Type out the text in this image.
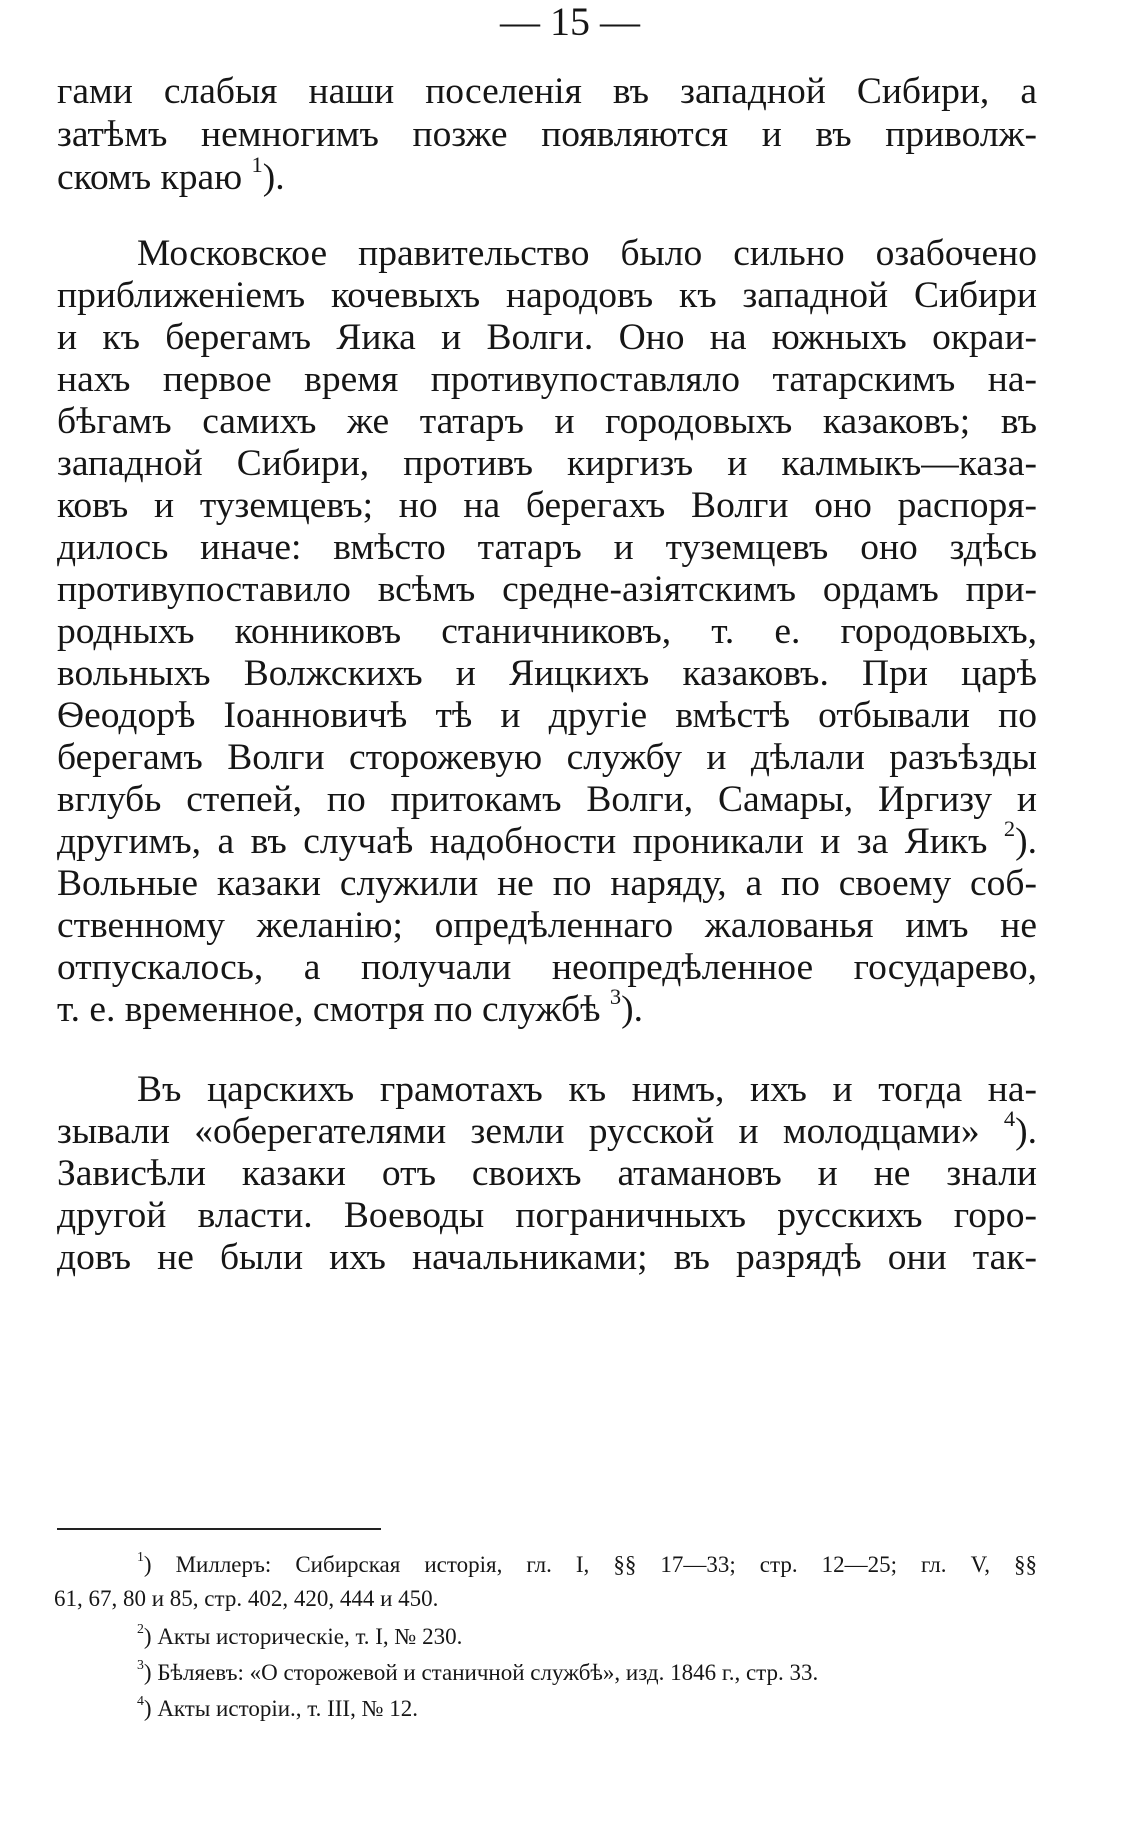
— 15 —
гами слабыя наши поселенія въ западной Сибири, а
затѣмъ немногимъ позже появляются и въ приволж-
скомъ краю $^1$).
Московское правительство было сильно озабочено
приближеніемъ кочевыхъ народовъ къ западной Сибири
и къ берегамъ Яика и Волги. Оно на южныхъ окраи-
нахъ первое время противупоставляло татарскимъ на-
бѣгамъ самихъ же татаръ и городовыхъ казаковъ; въ
западной Сибири, противъ киргизъ и калмыкъ—каза-
ковъ и туземцевъ; но на берегахъ Волги оно распоря-
дилось иначе: вмѣсто татаръ и туземцевъ оно здѣсь
противупоставило всѣмъ средне-азіятскимъ ордамъ при-
родныхъ конниковъ станичниковъ, т. е. городовыхъ,
вольныхъ Волжскихъ и Яицкихъ казаковъ. При царѣ
Ѳеодорѣ Іоанновичѣ тѣ и другіе вмѣстѣ отбывали по
берегамъ Волги сторожевую службу и дѣлали разъѣзды
вглубь степей, по притокамъ Волги, Самары, Иргизу и
другимъ, а въ случаѣ надобности проникали и за Яикъ $^2$).
Вольные казаки служили не по наряду, а по своему соб-
ственному желанію; опредѣленнаго жалованья имъ не
отпускалось, а получали неопредѣленное государево,
т. е. временное, смотря по службѣ $^3$).
Въ царскихъ грамотахъ къ нимъ, ихъ и тогда на-
зывали «оберегателями земли русской и молодцами» $^4$).
Зависѣли казаки отъ своихъ атамановъ и не знали
другой власти. Воеводы пограничныхъ русскихъ горо-
довъ не были ихъ начальниками; въ разрядѣ они так-
$^1$) Миллеръ: Сибирская исторія, гл. I, §§ 17—33; стр. 12—25; гл. V, §§
61, 67, 80 и 85, стр. 402, 420, 444 и 450.
$^2$) Акты историческіе, т. I, № 230.
$^3$) Бѣляевъ: «О сторожевой и станичной службѣ», изд. 1846 г., стр. 33.
$^4$) Акты истоpіи., т. III, № 12.
